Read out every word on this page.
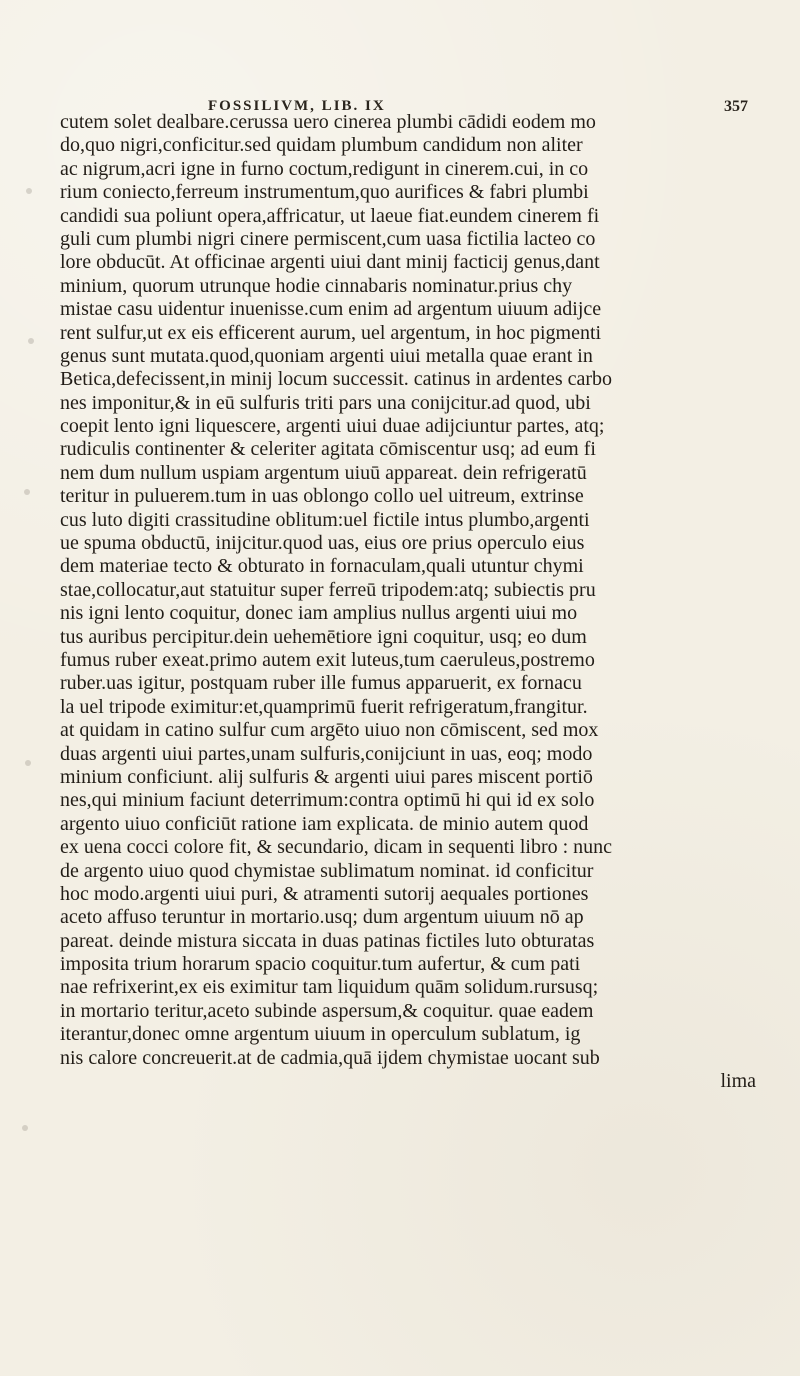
FOSSILIVM, LIB. IX	357
cutem solet dealbare.cerussa uero cinerea plumbi cādidi eodem mo
do,quo nigri,conficitur.sed quidam plumbum candidum non aliter
ac nigrum,acri igne in furno coctum,redigunt in cinerem.cui, in co
rium coniecto,ferreum instrumentum,quo aurifices & fabri plumbi
candidi sua poliunt opera,affricatur, ut laeue fiat.eundem cinerem fi
guli cum plumbi nigri cinere permiscent,cum uasa fictilia lacteo co
lore obducūt. At officinae argenti uiui dant minij facticij genus,dant
minium, quorum utrunque hodie cinnabaris nominatur.prius chy
mistae casu uidentur inuenisse.cum enim ad argentum uiuum adijce
rent sulfur,ut ex eis efficerent aurum, uel argentum, in hoc pigmenti
genus sunt mutata.quod,quoniam argenti uiui metalla quae erant in
Betica,defecissent,in minij locum successit. catinus in ardentes carbo
nes imponitur,& in eū sulfuris triti pars una conijcitur.ad quod, ubi
coepit lento igni liquescere, argenti uiui duae adijciuntur partes, atq;
rudiculis continenter & celeriter agitata cōmiscentur usq; ad eum fi
nem dum nullum uspiam argentum uiuū appareat. dein refrigeratū
teritur in puluerem.tum in uas oblongo collo uel uitreum, extrinse
cus luto digiti crassitudine oblitum:uel fictile intus plumbo,argenti
ue spuma obductū, inijcitur.quod uas, eius ore prius operculo eius
dem materiae tecto & obturato in fornaculam,quali utuntur chymi
stae,collocatur,aut statuitur super ferreū tripodem:atq; subiectis pru
nis igni lento coquitur, donec iam amplius nullus argenti uiui mo
tus auribus percipitur.dein uehemētiore igni coquitur, usq; eo dum
fumus ruber exeat.primo autem exit luteus,tum caeruleus,postremo
ruber.uas igitur, postquam ruber ille fumus apparuerit, ex fornacu
la uel tripode eximitur:et,quamprimū fuerit refrigeratum,frangitur.
at quidam in catino sulfur cum argēto uiuo non cōmiscent, sed mox
duas argenti uiui partes,unam sulfuris,conijciunt in uas, eoq; modo
minium conficiunt. alij sulfuris & argenti uiui pares miscent portiō
nes,qui minium faciunt deterrimum:contra optimū hi qui id ex solo
argento uiuo conficiūt ratione iam explicata. de minio autem quod
ex uena cocci colore fit, & secundario, dicam in sequenti libro : nunc
de argento uiuo quod chymistae sublimatum nominat. id conficitur
hoc modo.argenti uiui puri, & atramenti sutorij aequales portiones
aceto affuso teruntur in mortario.usq; dum argentum uiuum nō ap
pareat. deinde mistura siccata in duas patinas fictiles luto obturatas
imposita trium horarum spacio coquitur.tum aufertur, & cum pati
nae refrixerint,ex eis eximitur tam liquidum quām solidum.rursusq;
in mortario teritur,aceto subinde aspersum,& coquitur. quae eadem
iterantur,donec omne argentum uiuum in operculum sublatum, ig
nis calore concreuerit.at de cadmia,quā ijdem chymistae uocant sub
lima
